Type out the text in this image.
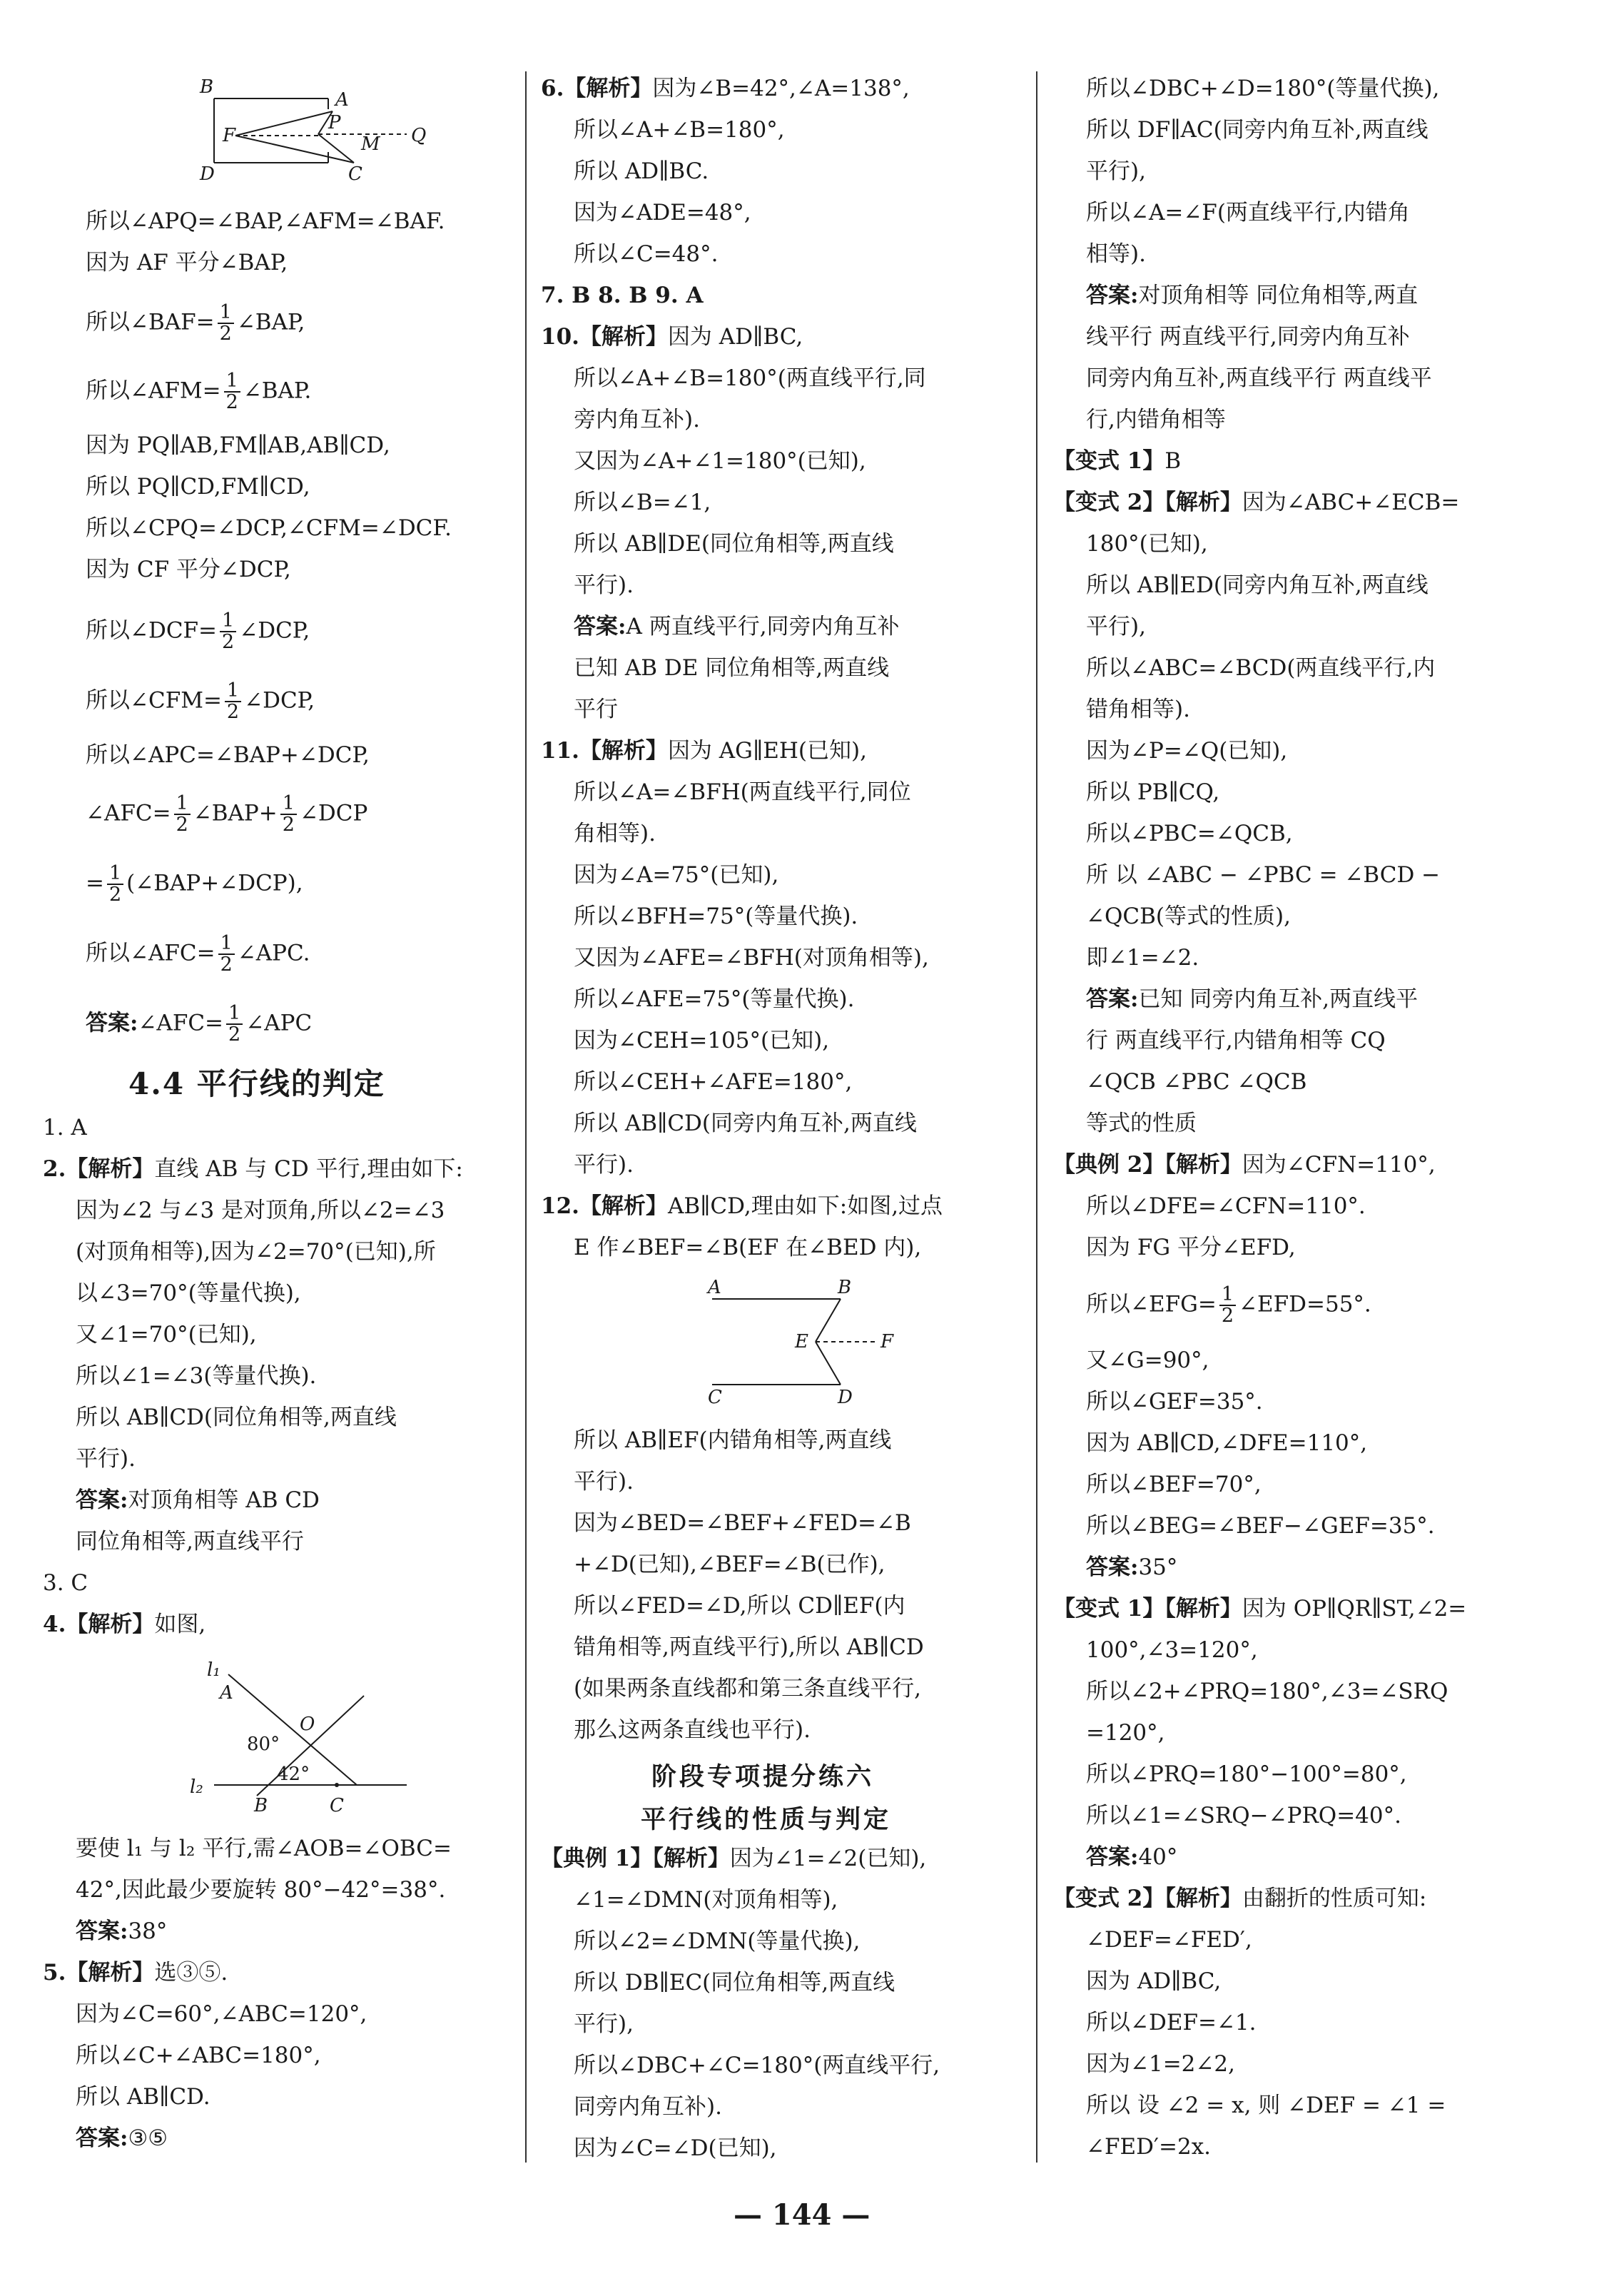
B
A
F
P
Q
M
D	C
所以∠APQ=∠BAP,∠AFM=∠BAF.
因为 AF 平分∠BAP,
所以∠BAF= $\frac{1}{2}$ ∠BAP,
所以∠AFM= $\frac{1}{2}$ ∠BAP.
因为 PQ∥AB,FM∥AB,AB∥CD,
所以 PQ∥CD,FM∥CD,
所以∠CPQ=∠DCP,∠CFM=∠DCF.
因为 CF 平分∠DCP,
所以∠DCF= $\frac{1}{2}$ ∠DCP,
所以∠CFM= $\frac{1}{2}$ ∠DCP,
所以∠APC=∠BAP+∠DCP,
∠AFC= $\frac{1}{2}$ ∠BAP+ $\frac{1}{2}$ ∠DCP
= $\frac{1}{2}$ (∠BAP+∠DCP),
所以∠AFC= $\frac{1}{2}$ ∠APC.
答案:∠AFC= $\frac{1}{2}$ ∠APC
4.4 平行线的判定
1. A
2.【解析】直线 AB 与 CD 平行,理由如下:
因为∠2 与∠3 是对顶角,所以∠2=∠3
(对顶角相等),因为∠2=70°(已知),所
以∠3=70°(等量代换),
又∠1=70°(已知),
所以∠1=∠3(等量代换).
所以 AB∥CD(同位角相等,两直线
平行).
答案:对顶角相等 AB CD
同位角相等,两直线平行
3. C
4.【解析】如图,
l₁
A
O
80°
42°
l₂
B	C
要使 l₁ 与 l₂ 平行,需∠AOB=∠OBC=
42°,因此最少要旋转 80°−42°=38°.
答案:38°
5.【解析】选③⑤.
因为∠C=60°,∠ABC=120°,
所以∠C+∠ABC=180°,
所以 AB∥CD.
答案:③⑤
6.【解析】因为∠B=42°,∠A=138°,
所以∠A+∠B=180°,
所以 AD∥BC.
因为∠ADE=48°,
所以∠C=48°.
7. B 8. B 9. A
10.【解析】因为 AD∥BC,
所以∠A+∠B=180°(两直线平行,同
旁内角互补).
又因为∠A+∠1=180°(已知),
所以∠B=∠1,
所以 AB∥DE(同位角相等,两直线
平行).
答案:A 两直线平行,同旁内角互补
已知 AB DE 同位角相等,两直线
平行
11.【解析】因为 AG∥EH(已知),
所以∠A=∠BFH(两直线平行,同位
角相等).
因为∠A=75°(已知),
所以∠BFH=75°(等量代换).
又因为∠AFE=∠BFH(对顶角相等),
所以∠AFE=75°(等量代换).
因为∠CEH=105°(已知),
所以∠CEH+∠AFE=180°,
所以 AB∥CD(同旁内角互补,两直线
平行).
12.【解析】AB∥CD,理由如下:如图,过点
E 作∠BEF=∠B(EF 在∠BED 内),
A	B
E	F
C	D
所以 AB∥EF(内错角相等,两直线
平行).
因为∠BED=∠BEF+∠FED=∠B
+∠D(已知),∠BEF=∠B(已作),
所以∠FED=∠D,所以 CD∥EF(内
错角相等,两直线平行),所以 AB∥CD
(如果两条直线都和第三条直线平行,
那么这两条直线也平行).
阶段专项提分练六
平行线的性质与判定
【典例 1】【解析】因为∠1=∠2(已知),
∠1=∠DMN(对顶角相等),
所以∠2=∠DMN(等量代换),
所以 DB∥EC(同位角相等,两直线
平行),
所以∠DBC+∠C=180°(两直线平行,
同旁内角互补).
因为∠C=∠D(已知),
所以∠DBC+∠D=180°(等量代换),
所以 DF∥AC(同旁内角互补,两直线
平行),
所以∠A=∠F(两直线平行,内错角
相等).
答案:对顶角相等 同位角相等,两直
线平行 两直线平行,同旁内角互补
同旁内角互补,两直线平行 两直线平
行,内错角相等
【变式 1】B
【变式 2】【解析】因为∠ABC+∠ECB=
180°(已知),
所以 AB∥ED(同旁内角互补,两直线
平行),
所以∠ABC=∠BCD(两直线平行,内
错角相等).
因为∠P=∠Q(已知),
所以 PB∥CQ,
所以∠PBC=∠QCB,
所 以 ∠ABC − ∠PBC = ∠BCD −
∠QCB(等式的性质),
即∠1=∠2.
答案:已知 同旁内角互补,两直线平
行 两直线平行,内错角相等 CQ
∠QCB ∠PBC ∠QCB
等式的性质
【典例 2】【解析】因为∠CFN=110°,
所以∠DFE=∠CFN=110°.
因为 FG 平分∠EFD,
所以∠EFG= $\frac{1}{2}$ ∠EFD=55°.
又∠G=90°,
所以∠GEF=35°.
因为 AB∥CD,∠DFE=110°,
所以∠BEF=70°,
所以∠BEG=∠BEF−∠GEF=35°.
答案:35°
【变式 1】【解析】因为 OP∥QR∥ST,∠2=
100°,∠3=120°,
所以∠2+∠PRQ=180°,∠3=∠SRQ
=120°,
所以∠PRQ=180°−100°=80°,
所以∠1=∠SRQ−∠PRQ=40°.
答案:40°
【变式 2】【解析】由翻折的性质可知:
∠DEF=∠FED′,
因为 AD∥BC,
所以∠DEF=∠1.
因为∠1=2∠2,
所以 设 ∠2 = x, 则 ∠DEF = ∠1 =
∠FED′=2x.
— 144 —
